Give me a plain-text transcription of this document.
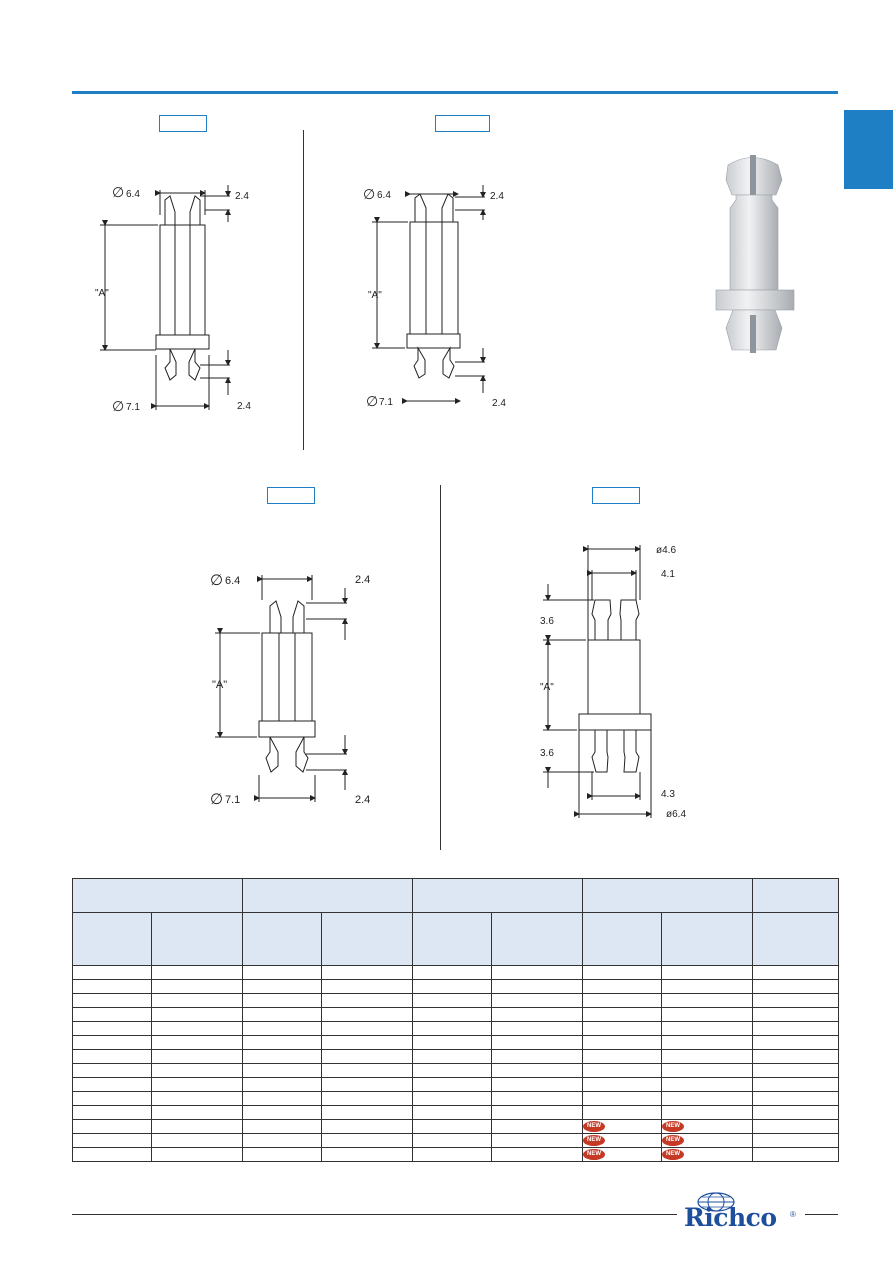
∅ 6.4	2.4
"A"
∅ 7.1	2.4
∅ 6.4	2.4
"A"
∅ 7.1	2.4
∅ 6.4	2.4
"A"
∅ 7.1	2.4
ø4.6
4.1
3.6
"A"
3.6
4.3
ø6.4

						NEW	NEW	
						NEW	NEW	
						NEW	NEW	
Richco ®
